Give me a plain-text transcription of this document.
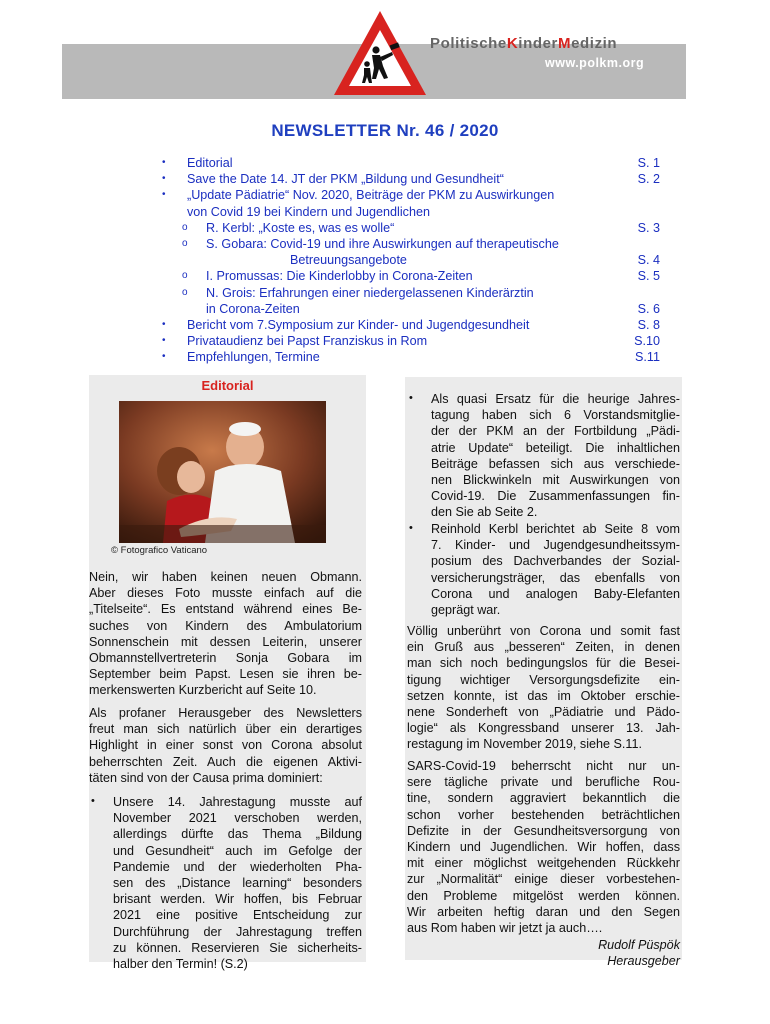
PolitischeKinderMedizin
www.polkm.org
NEWSLETTER Nr. 46 / 2020
• Editorial	S. 1
• Save the Date 14. JT der PKM „Bildung und Gesundheit“	S. 2
• „Update Pädiatrie“ Nov. 2020, Beiträge der PKM zu Auswirkungen
von Covid 19 bei Kindern und Jugendlichen
o R. Kerbl: „Koste es, was es wolle“	S. 3
o S. Gobara: Covid-19 und ihre Auswirkungen auf therapeutische
Betreuungsangebote	S. 4
o I. Promussas: Die Kinderlobby in Corona-Zeiten	S. 5
o N. Grois: Erfahrungen einer niedergelassenen Kinderärztin
in Corona-Zeiten	S. 6
• Bericht vom 7.Symposium zur Kinder- und Jugendgesundheit	S. 8
• Privataudienz bei Papst Franziskus in Rom	S.10
• Empfehlungen, Termine	S.11
Editorial
© Fotografico Vaticano
Nein, wir haben keinen neuen Obmann.
Aber dieses Foto musste einfach auf die
„Titelseite“. Es entstand während eines Be-
suches von Kindern des Ambulatorium
Sonnenschein mit dessen Leiterin, unserer
Obmannstellvertreterin Sonja Gobara im
September beim Papst. Lesen sie ihren be-
merkenswerten Kurzbericht auf Seite 10.
Als profaner Herausgeber des Newsletters
freut man sich natürlich über ein derartiges
Highlight in einer sonst von Corona absolut
beherrschten Zeit. Auch die eigenen Aktivi-
täten sind von der Causa prima dominiert:
• Unsere 14. Jahrestagung musste auf
November 2021 verschoben werden,
allerdings dürfte das Thema „Bildung
und Gesundheit“ auch im Gefolge der
Pandemie und der wiederholten Pha-
sen des „Distance learning“ besonders
brisant werden. Wir hoffen, bis Februar
2021 eine positive Entscheidung zur
Durchführung der Jahrestagung treffen
zu können. Reservieren Sie sicherheits-
halber den Termin! (S.2)
• Als quasi Ersatz für die heurige Jahres-
tagung haben sich 6 Vorstandsmitglie-
der der PKM an der Fortbildung „Pädi-
atrie Update“ beteiligt. Die inhaltlichen
Beiträge befassen sich aus verschiede-
nen Blickwinkeln mit Auswirkungen von
Covid-19. Die Zusammenfassungen fin-
den Sie ab Seite 2.
• Reinhold Kerbl berichtet ab Seite 8 vom
7. Kinder- und Jugendgesundheitssym-
posium des Dachverbandes der Sozial-
versicherungsträger, das ebenfalls von
Corona und analogen Baby-Elefanten
geprägt war.
Völlig unberührt von Corona und somit fast
ein Gruß aus „besseren“ Zeiten, in denen
man sich noch bedingungslos für die Besei-
tigung wichtiger Versorgungsdefizite ein-
setzen konnte, ist das im Oktober erschie-
nene Sonderheft von „Pädiatrie und Pädo-
logie“ als Kongressband unserer 13. Jah-
restagung im November 2019, siehe S.11.
SARS-Covid-19 beherrscht nicht nur un-
sere tägliche private und berufliche Rou-
tine, sondern aggraviert bekanntlich die
schon vorher bestehenden beträchtlichen
Defizite in der Gesundheitsversorgung von
Kindern und Jugendlichen. Wir hoffen, dass
mit einer möglichst weitgehenden Rückkehr
zur „Normalität“ einige dieser vorbestehen-
den Probleme mitgelöst werden können.
Wir arbeiten heftig daran und den Segen
aus Rom haben wir jetzt ja auch….
Rudolf Püspök
Herausgeber
